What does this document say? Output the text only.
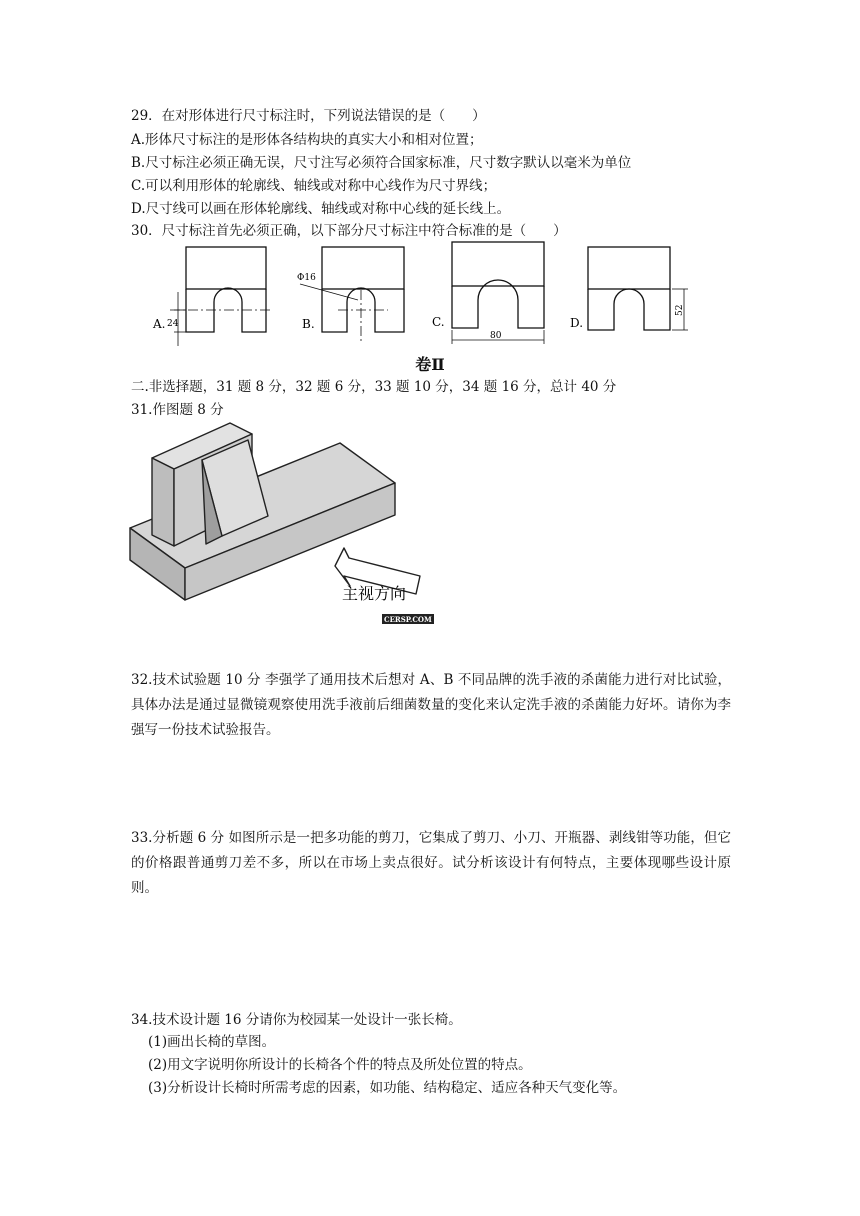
29．在对形体进行尺寸标注时，下列说法错误的是（　　）
A.形体尺寸标注的是形体各结构块的真实大小和相对位置；
B.尺寸标注必须正确无误，尺寸注写必须符合国家标准，尺寸数字默认以毫米为单位
C.可以利用形体的轮廓线、轴线或对称中心线作为尺寸界线；
D.尺寸线可以画在形体轮廓线、轴线或对称中心线的延长线上。
30．尺寸标注首先必须正确，以下部分尺寸标注中符合标准的是（　　）
A. 24
Φ16
B.	C.
80
D.
52
卷Ⅱ
二.非选择题，31 题 8 分，32 题 6 分，33 题 10 分，34 题 16 分，总计 40 分
31.作图题 8 分
主视方向
CERSP.COM
32.技术试验题 10 分 李强学了通用技术后想对 A、B 不同品牌的洗手液的杀菌能力进行对比试验，具体办法是通过显微镜观察使用洗手液前后细菌数量的变化来认定洗手液的杀菌能力好坏。请你为李强写一份技术试验报告。
33.分析题 6 分 如图所示是一把多功能的剪刀，它集成了剪刀、小刀、开瓶器、剥线钳等功能，但它的价格跟普通剪刀差不多，所以在市场上卖点很好。试分析该设计有何特点，主要体现哪些设计原则。
34.技术设计题 16 分请你为校园某一处设计一张长椅。
(1)画出长椅的草图。
(2)用文字说明你所设计的长椅各个件的特点及所处位置的特点。
(3)分析设计长椅时所需考虑的因素，如功能、结构稳定、适应各种天气变化等。
